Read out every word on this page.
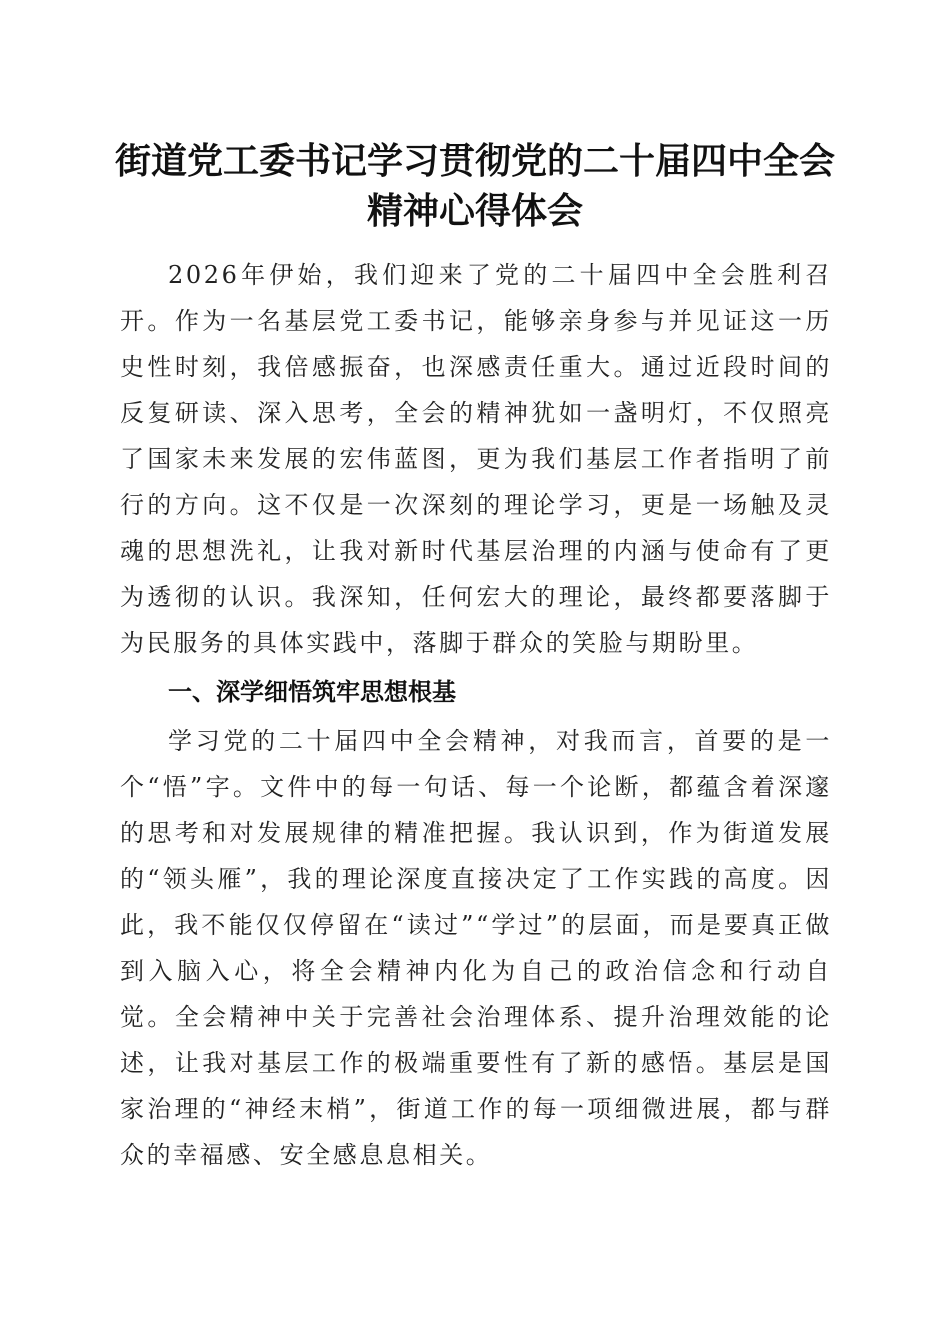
街道党工委书记学习贯彻党的二十届四中全会
精神心得体会

2026年伊始，我们迎来了党的二十届四中全会胜利召开。作为一名基层党工委书记，能够亲身参与并见证这一历史性时刻，我倍感振奋，也深感责任重大。通过近段时间的反复研读、深入思考，全会的精神犹如一盏明灯，不仅照亮了国家未来发展的宏伟蓝图，更为我们基层工作者指明了前行的方向。这不仅是一次深刻的理论学习，更是一场触及灵魂的思想洗礼，让我对新时代基层治理的内涵与使命有了更为透彻的认识。我深知，任何宏大的理论，最终都要落脚于为民服务的具体实践中，落脚于群众的笑脸与期盼里。

一、深学细悟筑牢思想根基

学习党的二十届四中全会精神，对我而言，首要的是一个“悟”字。文件中的每一句话、每一个论断，都蕴含着深邃的思考和对发展规律的精准把握。我认识到，作为街道发展的“领头雁”，我的理论深度直接决定了工作实践的高度。因此，我不能仅仅停留在“读过”“学过”的层面，而是要真正做到入脑入心，将全会精神内化为自己的政治信念和行动自觉。全会精神中关于完善社会治理体系、提升治理效能的论述，让我对基层工作的极端重要性有了新的感悟。基层是国家治理的“神经末梢”，街道工作的每一项细微进展，都与群众的幸福感、安全感息息相关。
